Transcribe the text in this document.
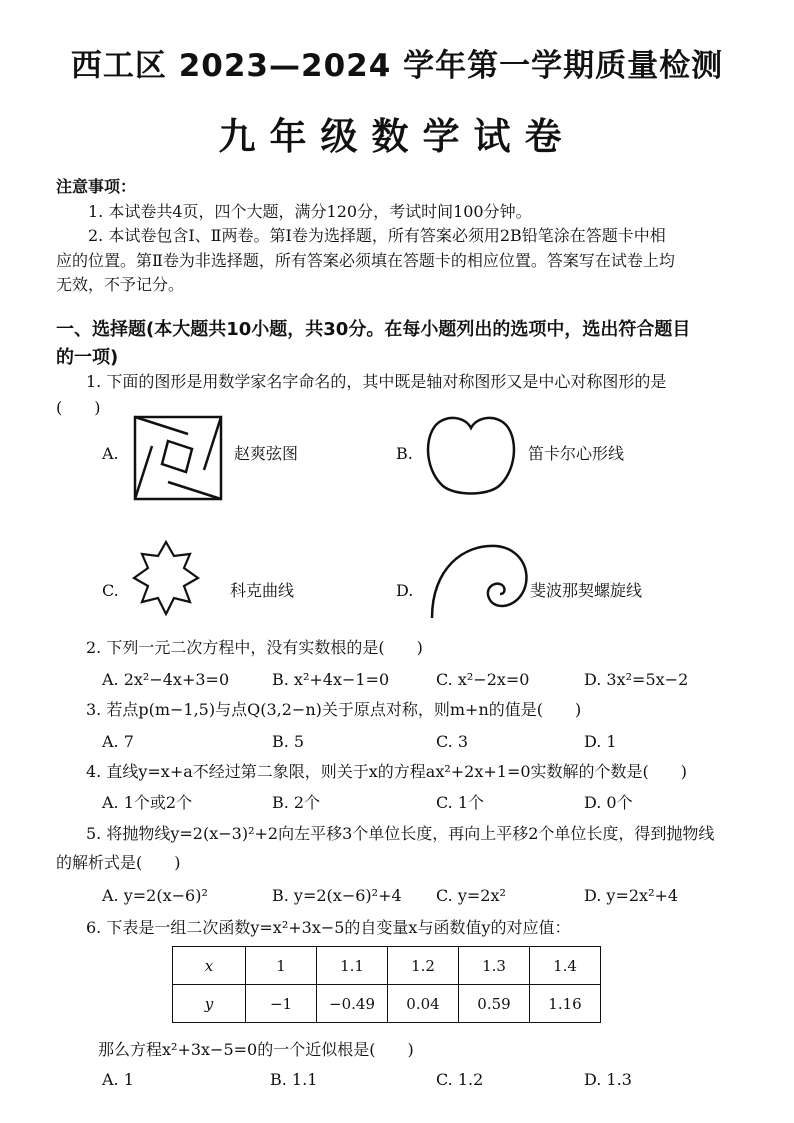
西工区 2023—2024 学年第一学期质量检测
九年级数学试卷
注意事项：
1. 本试卷共4页，四个大题，满分120分，考试时间100分钟。
2. 本试卷包含Ⅰ、Ⅱ两卷。第Ⅰ卷为选择题，所有答案必须用2B铅笔涂在答题卡中相
应的位置。第Ⅱ卷为非选择题，所有答案必须填在答题卡的相应位置。答案写在试卷上均
无效，不予记分。
一、选择题(本大题共10小题，共30分。在每小题列出的选项中，选出符合题目
的一项)
1. 下面的图形是用数学家名字命名的，其中既是轴对称图形又是中心对称图形的是
(　　)
A.	赵爽弦图	B.	笛卡尔心形线
C.	科克曲线	D.	斐波那契螺旋线
2. 下列一元二次方程中，没有实数根的是(　　)
A. 2x²−4x+3=0	B. x²+4x−1=0	C. x²−2x=0	D. 3x²=5x−2
3. 若点p(m−1,5)与点Q(3,2−n)关于原点对称，则m+n的值是(　　)
A. 7	B. 5	C. 3	D. 1
4. 直线y=x+a不经过第二象限，则关于x的方程ax²+2x+1=0实数解的个数是(　　)
A. 1个或2个	B. 2个	C. 1个	D. 0个
5. 将抛物线y=2(x−3)²+2向左平移3个单位长度，再向上平移2个单位长度，得到抛物线
的解析式是(　　)
A. y=2(x−6)²	B. y=2(x−6)²+4 C. y=2x²	D. y=2x²+4
6. 下表是一组二次函数y=x²+3x−5的自变量x与函数值y的对应值：
x	1	1.1	1.2	1.3	1.4
y	−1	−0.49	0.04	0.59	1.16
那么方程x²+3x−5=0的一个近似根是(　　)
A. 1	B. 1.1	C. 1.2	D. 1.3
